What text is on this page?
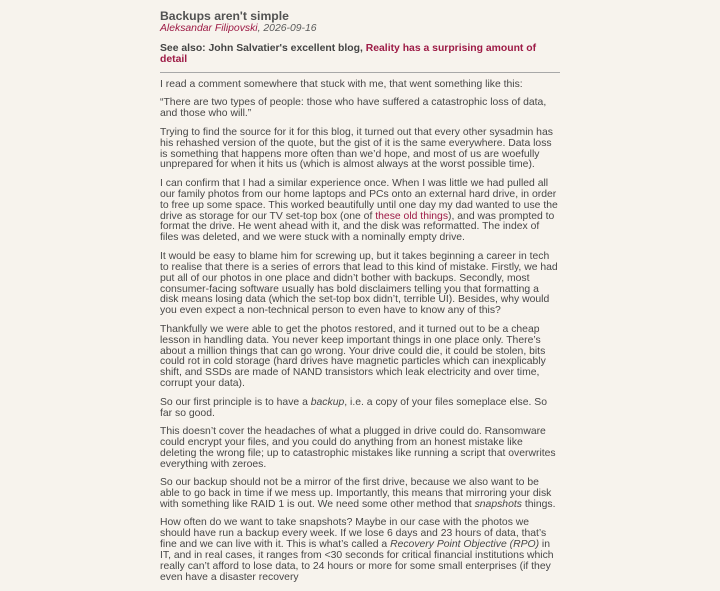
Backups aren't simple
Aleksandar Filipovski, 2026-09-16
See also: John Salvatier's excellent blog, Reality has a surprising amount of detail

I read a comment somewhere that stuck with me, that went something like this:

“There are two types of people: those who have suffered a catastrophic loss of data, and those who will.”

Trying to find the source for it for this blog, it turned out that every other sysadmin has his rehashed version of the quote, but the gist of it is the same everywhere. Data loss is something that happens more often than we’d hope, and most of us are woefully unprepared for when it hits us (which is almost always at the worst possible time).

I can confirm that I had a similar experience once. When I was little we had pulled all our family photos from our home laptops and PCs onto an external hard drive, in order to free up some space. This worked beautifully until one day my dad wanted to use the drive as storage for our TV set-top box (one of these old things), and was prompted to format the drive. He went ahead with it, and the disk was reformatted. The index of files was deleted, and we were stuck with a nominally empty drive.

It would be easy to blame him for screwing up, but it takes beginning a career in tech to realise that there is a series of errors that lead to this kind of mistake. Firstly, we had put all of our photos in one place and didn’t bother with backups. Secondly, most consumer-facing software usually has bold disclaimers telling you that formatting a disk means losing data (which the set-top box didn’t, terrible UI). Besides, why would you even expect a non-technical person to even have to know any of this?

Thankfully we were able to get the photos restored, and it turned out to be a cheap lesson in handling data. You never keep important things in one place only. There’s about a million things that can go wrong. Your drive could die, it could be stolen, bits could rot in cold storage (hard drives have magnetic particles which can inexplicably shift, and SSDs are made of NAND transistors which leak electricity and over time, corrupt your data).

So our first principle is to have a backup, i.e. a copy of your files someplace else. So far so good.

This doesn’t cover the headaches of what a plugged in drive could do. Ransomware could encrypt your files, and you could do anything from an honest mistake like deleting the wrong file; up to catastrophic mistakes like running a script that overwrites everything with zeroes.

So our backup should not be a mirror of the first drive, because we also want to be able to go back in time if we mess up. Importantly, this means that mirroring your disk with something like RAID 1 is out. We need some other method that snapshots things.

How often do we want to take snapshots? Maybe in our case with the photos we should have run a backup every week. If we lose 6 days and 23 hours of data, that’s fine and we can live with it. This is what’s called a Recovery Point Objective (RPO) in IT, and in real cases, it ranges from <30 seconds for critical financial institutions which really can’t afford to lose data, to 24 hours or more for some small enterprises (if they even have a disaster recovery
